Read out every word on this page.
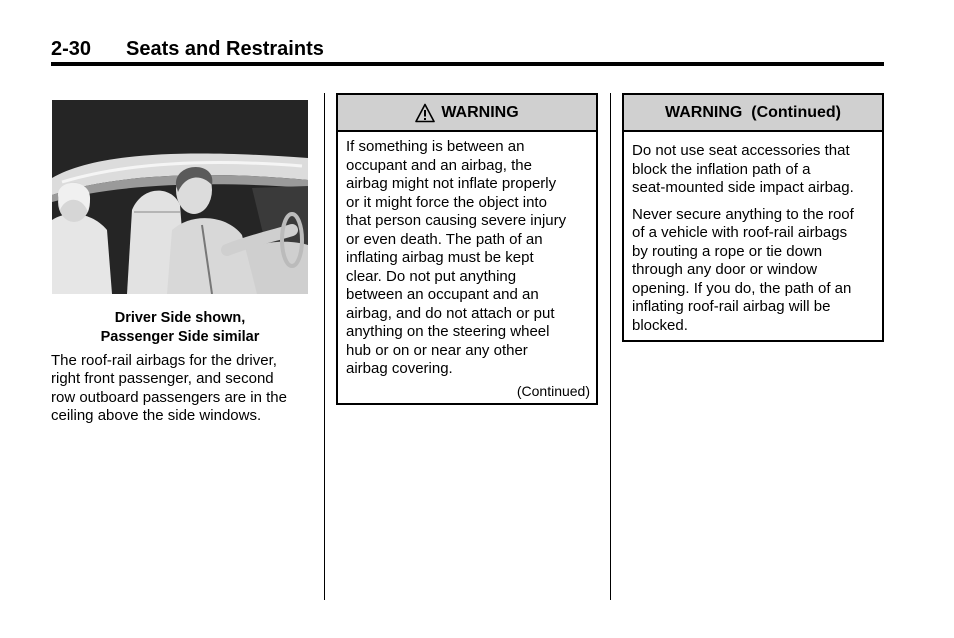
2-30 Seats and Restraints
Driver Side shown,
Passenger Side similar
The roof-rail airbags for the driver,
right front passenger, and second
row outboard passengers are in the
ceiling above the side windows.
WARNING
If something is between an
occupant and an airbag, the
airbag might not inflate properly
or it might force the object into
that person causing severe injury
or even death. The path of an
inflating airbag must be kept
clear. Do not put anything
between an occupant and an
airbag, and do not attach or put
anything on the steering wheel
hub or on or near any other
airbag covering.
(Continued)
WARNING  (Continued)
Do not use seat accessories that
block the inflation path of a
seat-mounted side impact airbag.
Never secure anything to the roof
of a vehicle with roof-rail airbags
by routing a rope or tie down
through any door or window
opening. If you do, the path of an
inflating roof-rail airbag will be
blocked.
